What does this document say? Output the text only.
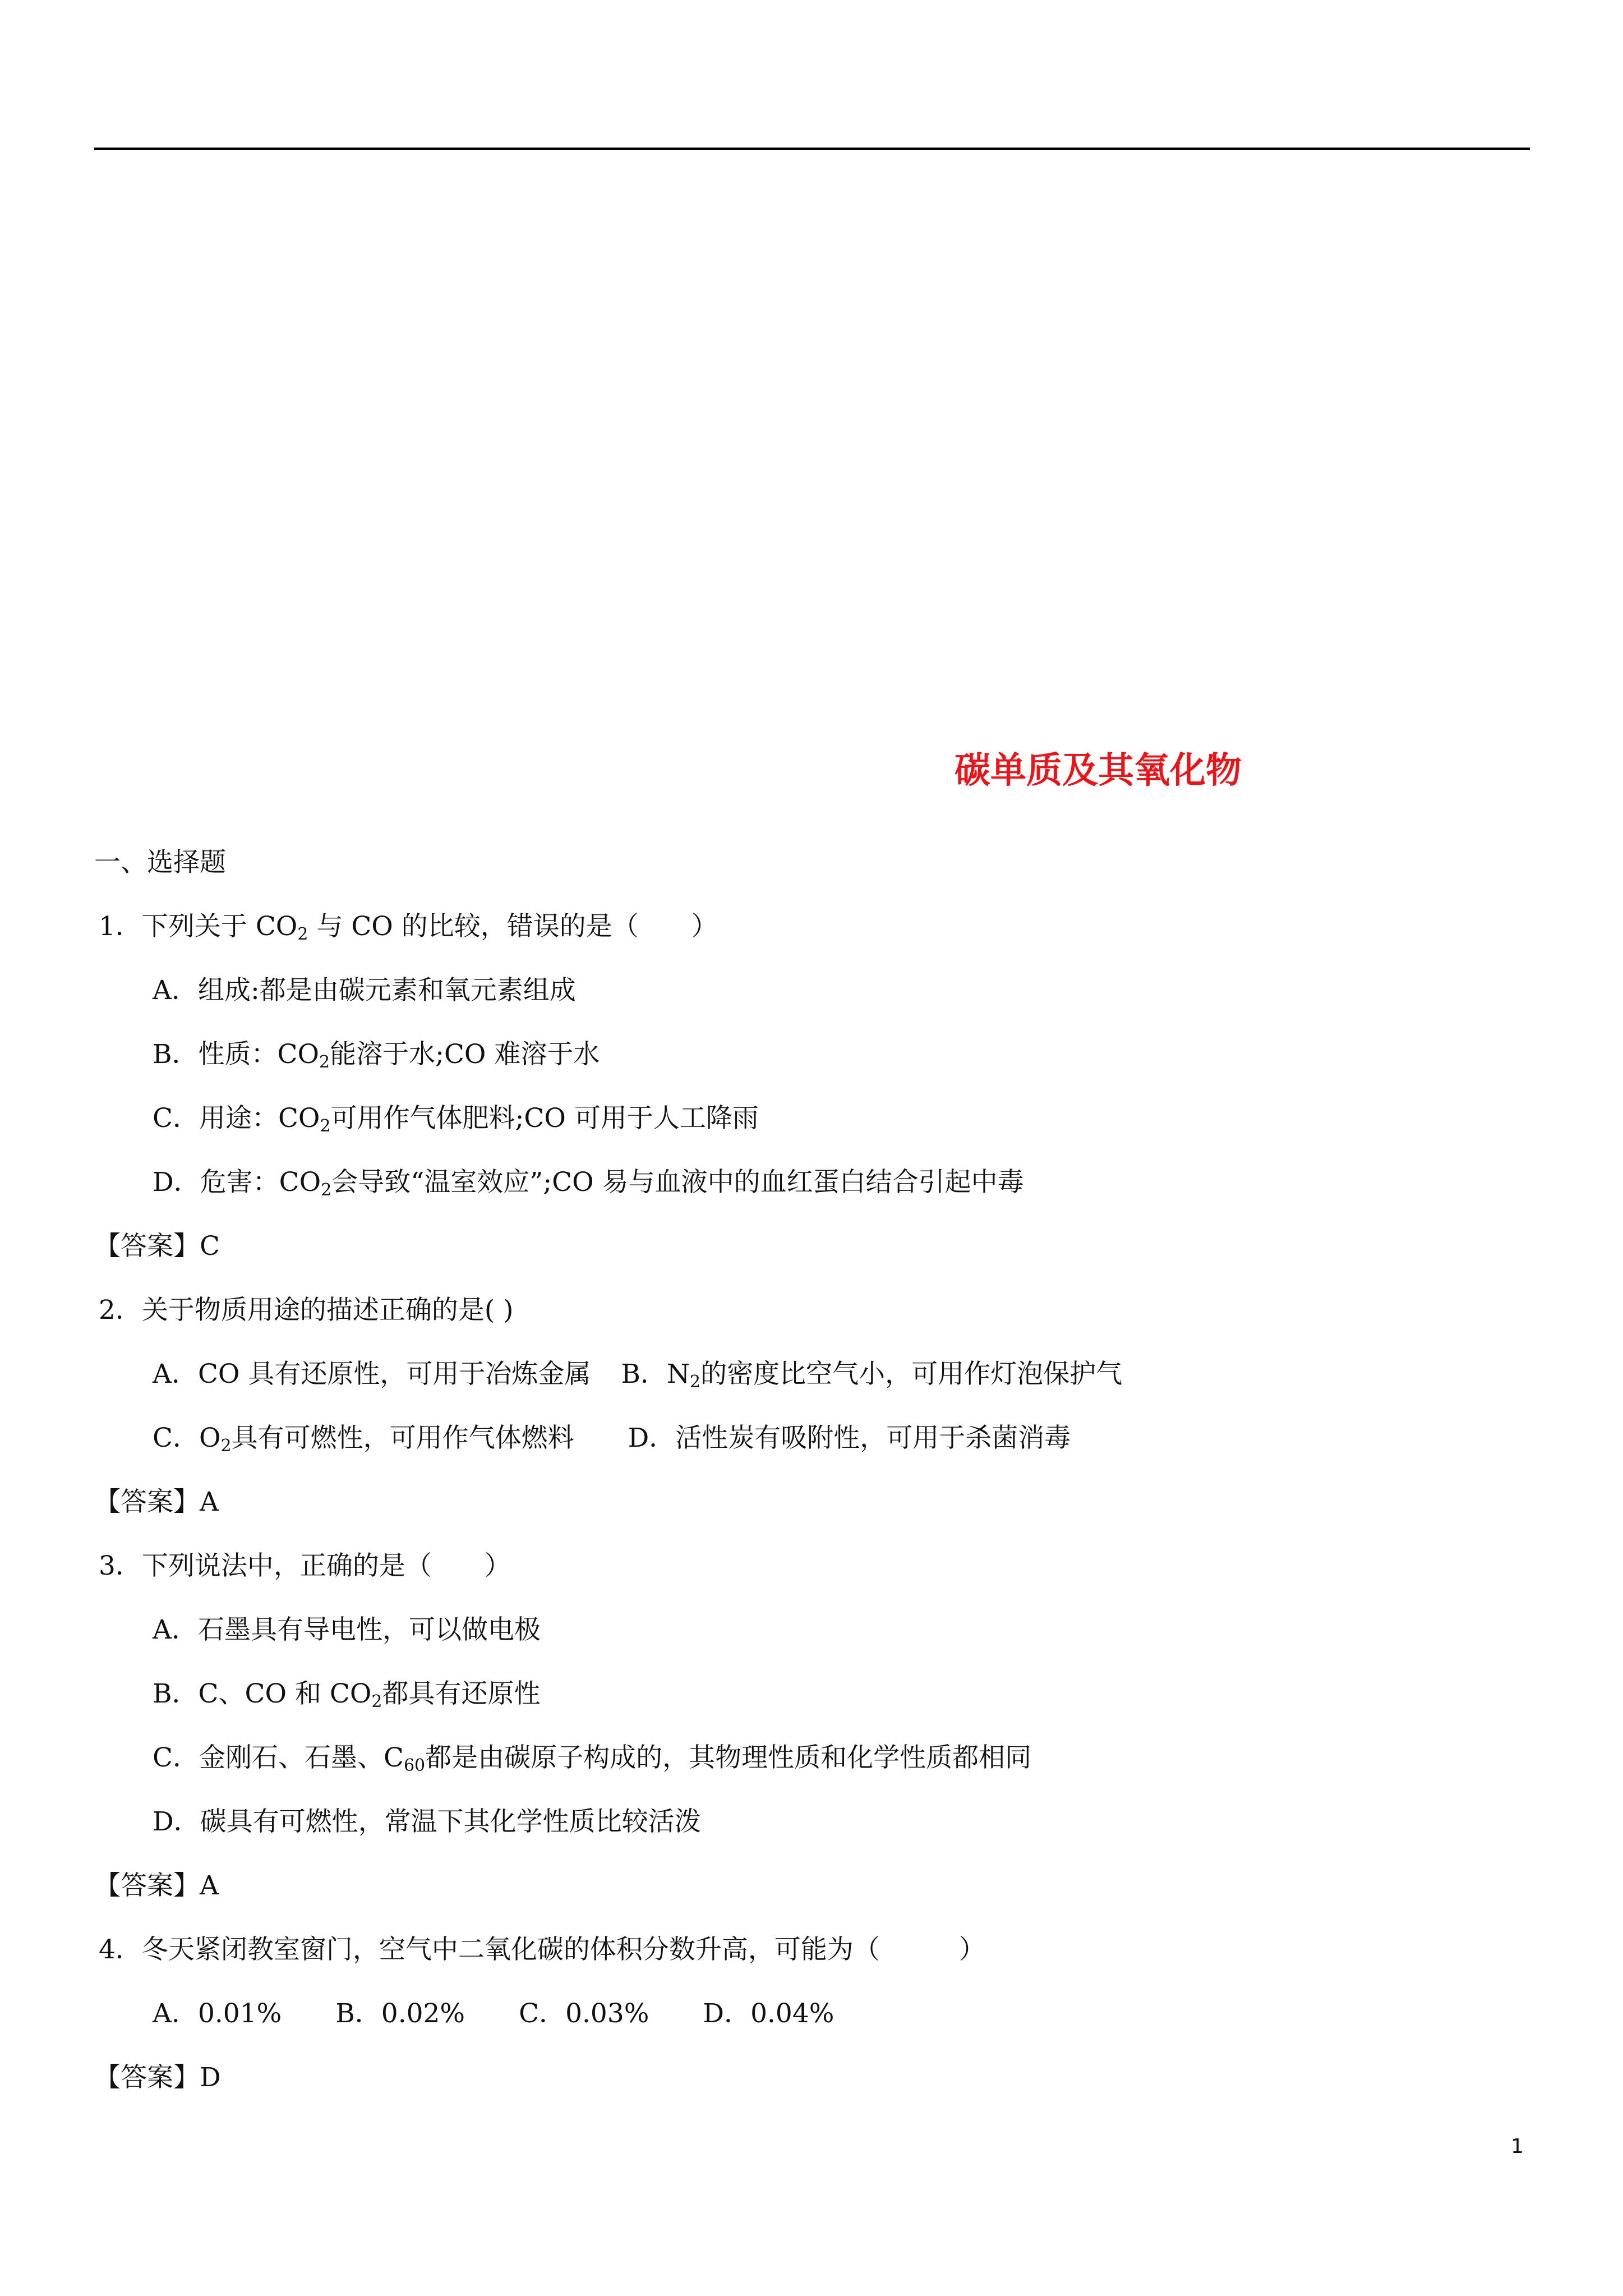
碳单质及其氧化物
一、选择题
1．下列关于 $CO_2$ 与 CO 的比较，错误的是（　　）
A．组成:都是由碳元素和氧元素组成
B．性质：$CO_2$能溶于水;CO 难溶于水
C．用途：$CO_2$可用作气体肥料;CO 可用于人工降雨
D．危害：$CO_2$会导致“温室效应”;CO 易与血液中的血红蛋白结合引起中毒
【答案】C
2．关于物质用途的描述正确的是( )
A．CO 具有还原性，可用于冶炼金属 B．$N_2$的密度比空气小，可用作灯泡保护气
C．$O_2$具有可燃性，可用作气体燃料 D．活性炭有吸附性，可用于杀菌消毒
【答案】A
3．下列说法中，正确的是（　　）
A．石墨具有导电性，可以做电极
B．C、CO 和 $CO_2$都具有还原性
C．金刚石、石墨、$C_{60}$都是由碳原子构成的，其物理性质和化学性质都相同
D．碳具有可燃性，常温下其化学性质比较活泼
【答案】A
4．冬天紧闭教室窗门，空气中二氧化碳的体积分数升高，可能为（　　　）
A．0.01% B．0.02% C．0.03% D．0.04%
【答案】D
1
